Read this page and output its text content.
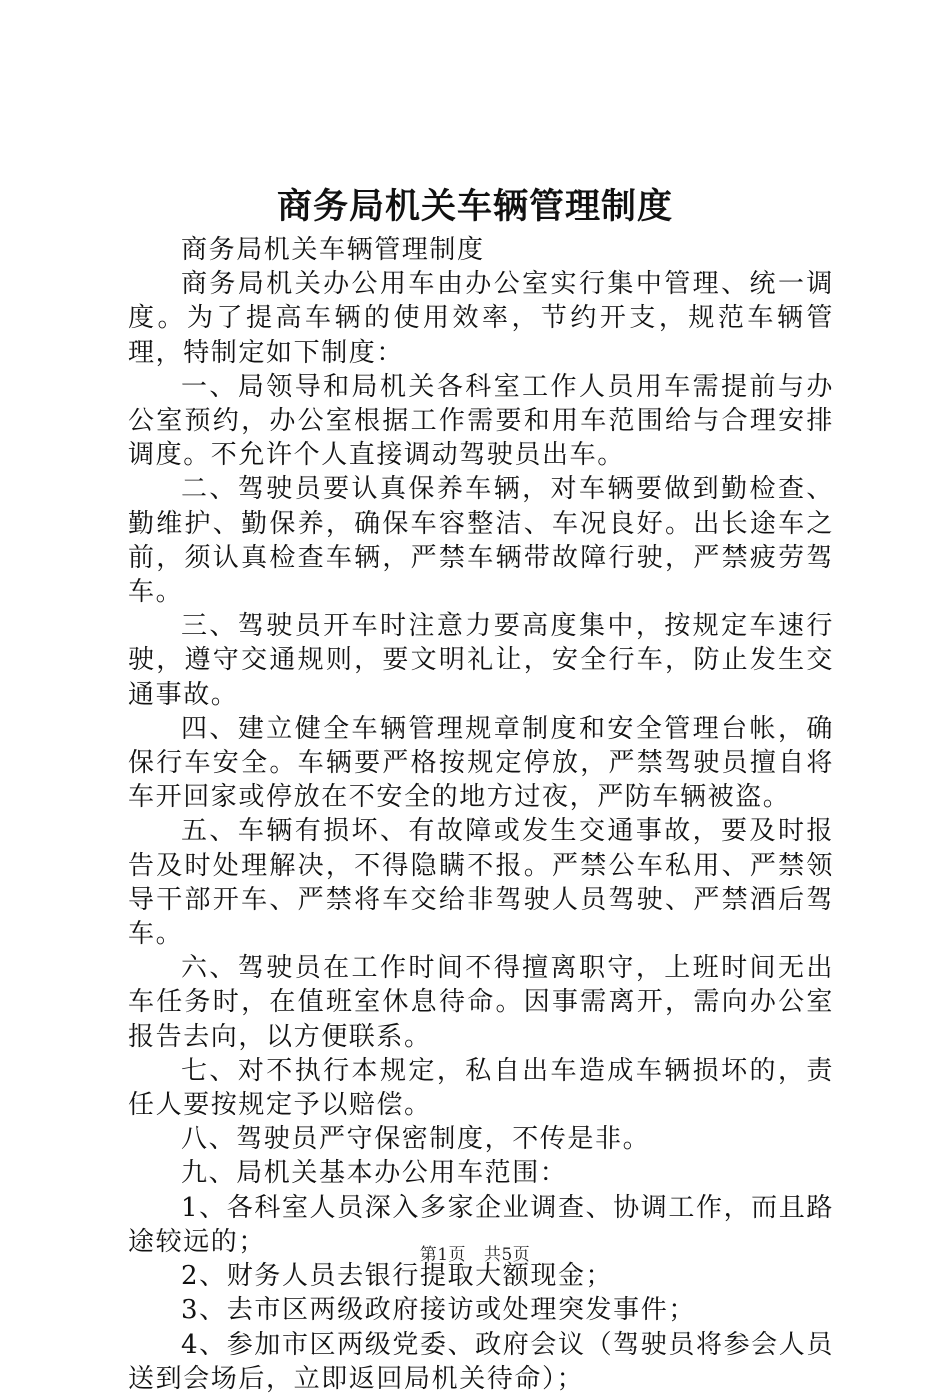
商务局机关车辆管理制度

商务局机关车辆管理制度

商务局机关办公用车由办公室实行集中管理、统一调度。为了提高车辆的使用效率，节约开支，规范车辆管理，特制定如下制度：

一、局领导和局机关各科室工作人员用车需提前与办公室预约，办公室根据工作需要和用车范围给与合理安排调度。不允许个人直接调动驾驶员出车。

二、驾驶员要认真保养车辆，对车辆要做到勤检查、勤维护、勤保养，确保车容整洁、车况良好。出长途车之前，须认真检查车辆，严禁车辆带故障行驶，严禁疲劳驾车。

三、驾驶员开车时注意力要高度集中，按规定车速行驶，遵守交通规则，要文明礼让，安全行车，防止发生交通事故。

四、建立健全车辆管理规章制度和安全管理台帐，确保行车安全。车辆要严格按规定停放，严禁驾驶员擅自将车开回家或停放在不安全的地方过夜，严防车辆被盗。

五、车辆有损坏、有故障或发生交通事故，要及时报告及时处理解决，不得隐瞒不报。严禁公车私用、严禁领导干部开车、严禁将车交给非驾驶人员驾驶、严禁酒后驾车。

六、驾驶员在工作时间不得擅离职守，上班时间无出车任务时，在值班室休息待命。因事需离开，需向办公室报告去向，以方便联系。

七、对不执行本规定，私自出车造成车辆损坏的，责任人要按规定予以赔偿。

八、驾驶员严守保密制度，不传是非。

九、局机关基本办公用车范围：

1、各科室人员深入多家企业调查、协调工作，而且路途较远的；

2、财务人员去银行提取大额现金；

3、去市区两级政府接访或处理突发事件；

4、参加市区两级党委、政府会议（驾驶员将参会人员送到会场后，立即返回局机关待命）；

第1页 共5页
